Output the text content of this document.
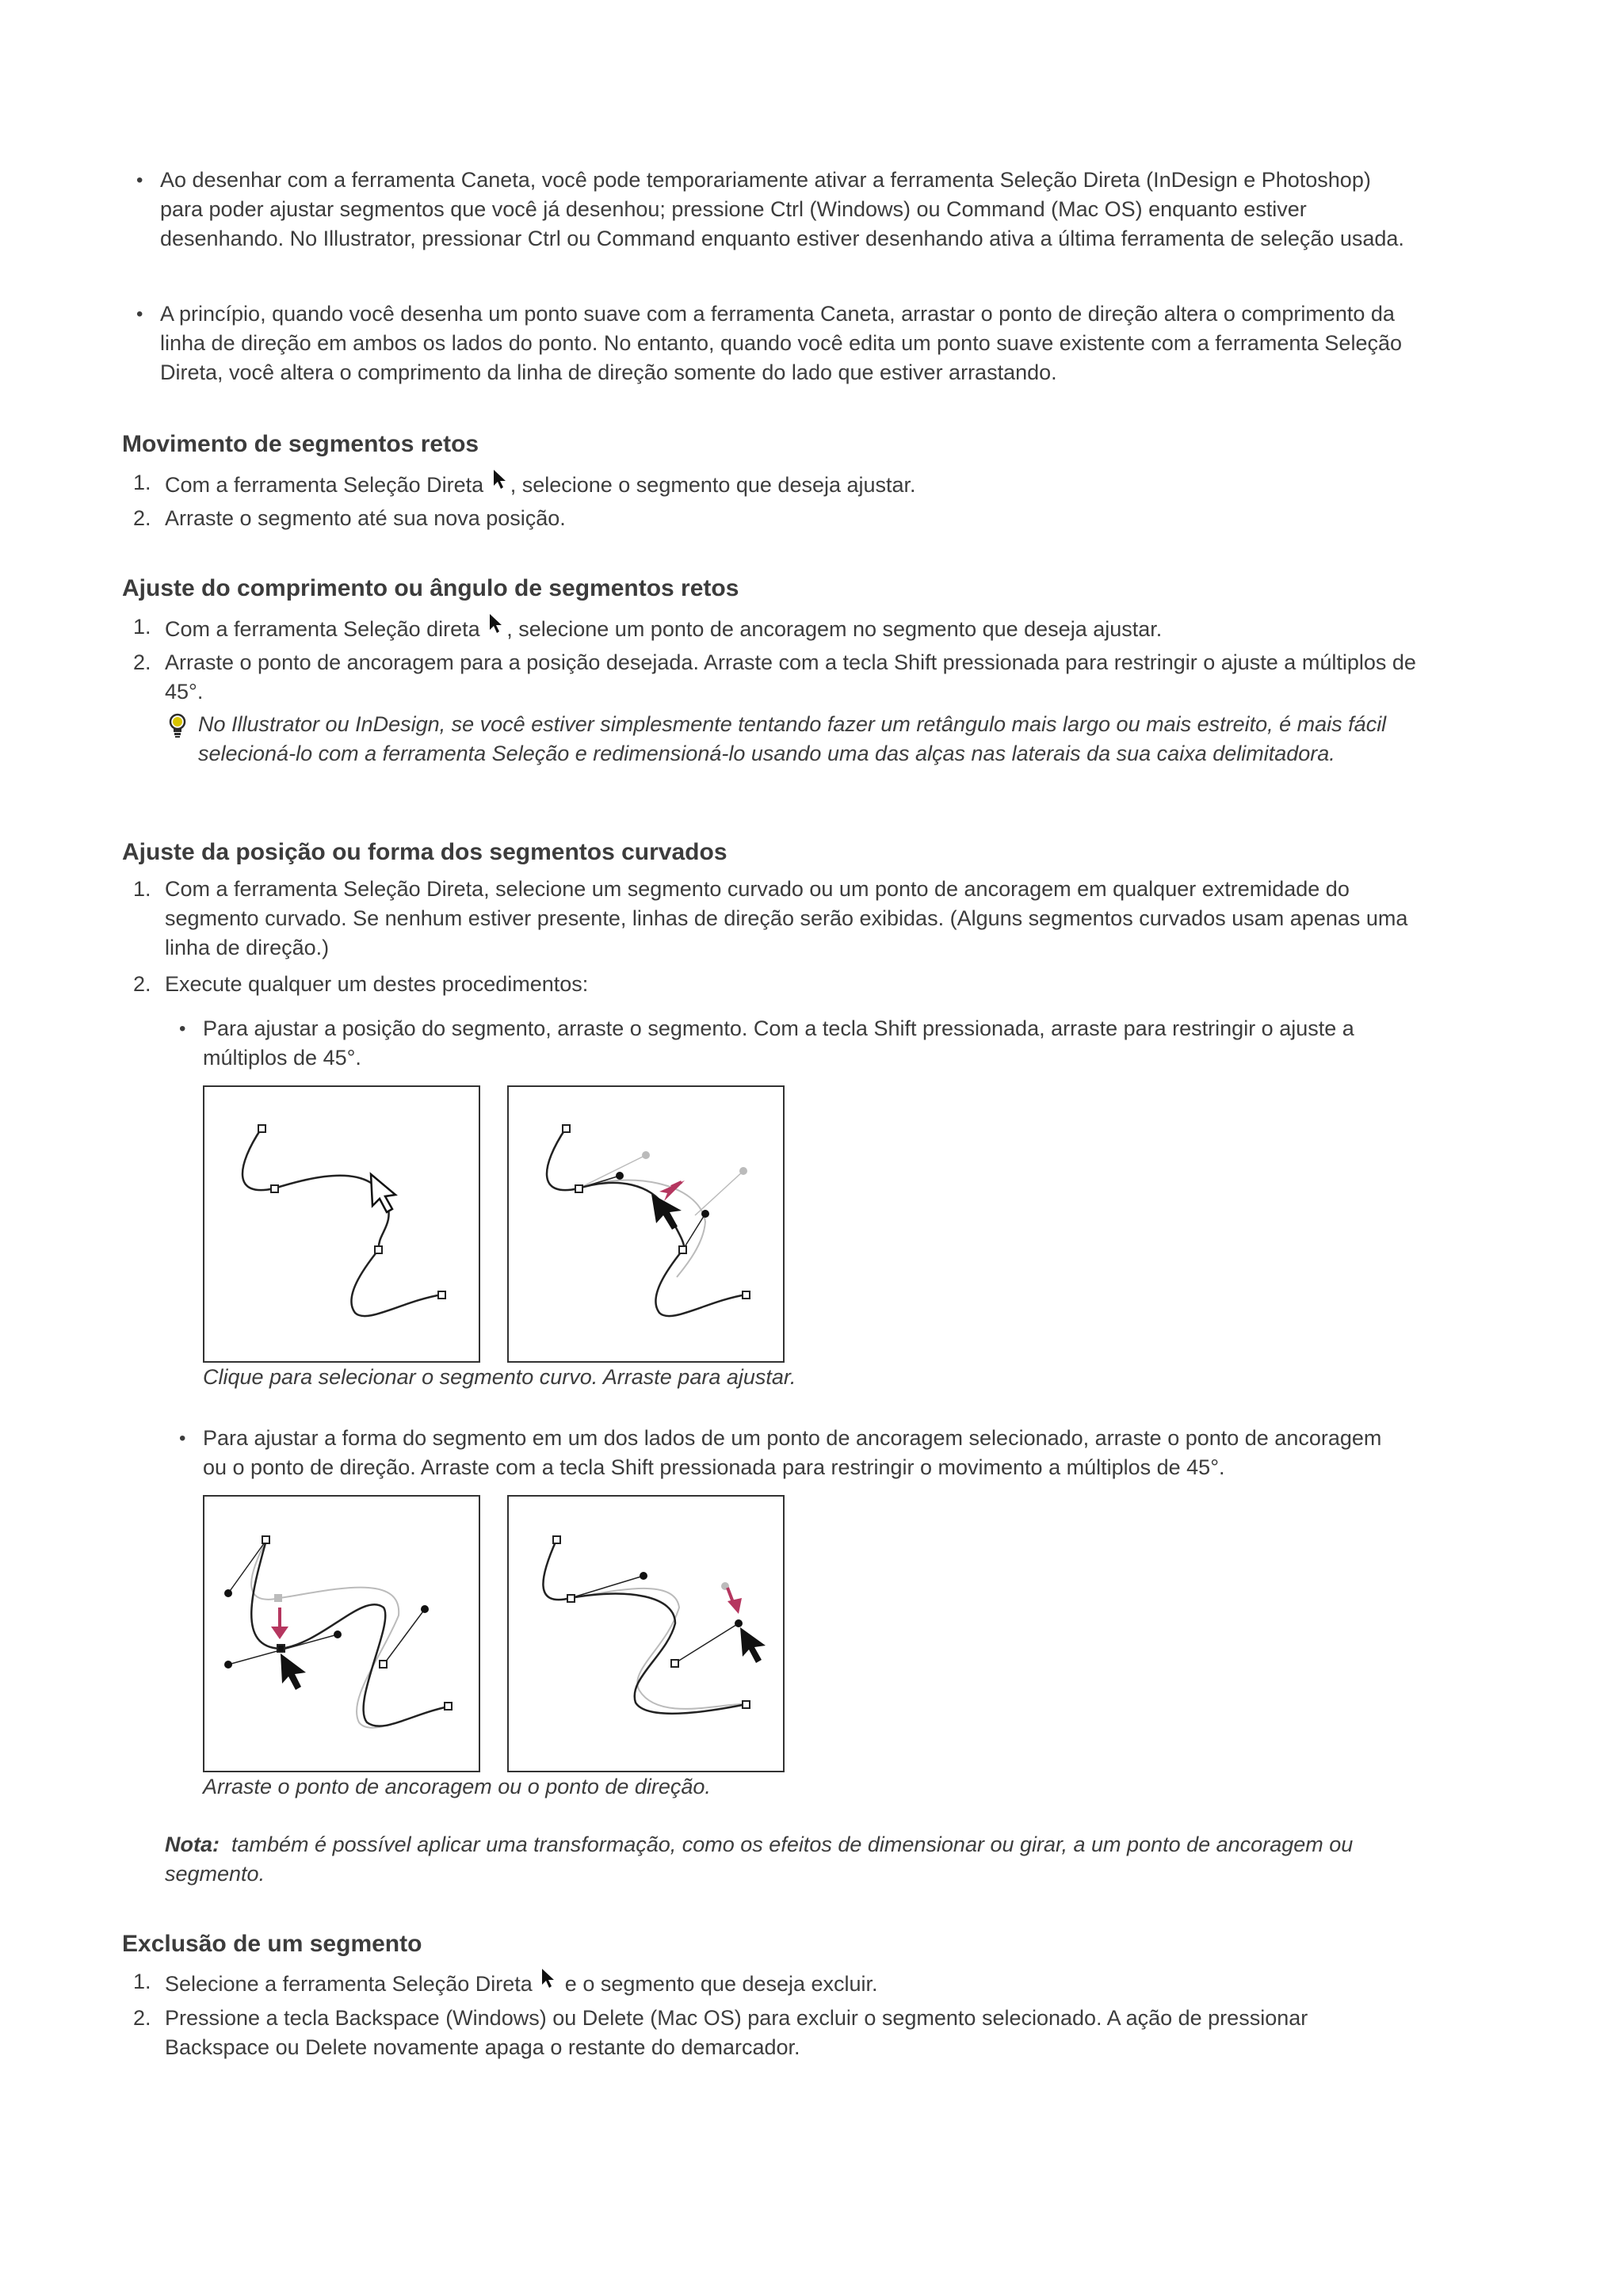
• Ao desenhar com a ferramenta Caneta, você pode temporariamente ativar a ferramenta Seleção Direta (InDesign e Photoshop) para poder ajustar segmentos que você já desenhou; pressione Ctrl (Windows) ou Command (Mac OS) enquanto estiver desenhando. No Illustrator, pressionar Ctrl ou Command enquanto estiver desenhando ativa a última ferramenta de seleção usada.
• A princípio, quando você desenha um ponto suave com a ferramenta Caneta, arrastar o ponto de direção altera o comprimento da linha de direção em ambos os lados do ponto. No entanto, quando você edita um ponto suave existente com a ferramenta Seleção Direta, você altera o comprimento da linha de direção somente do lado que estiver arrastando.
Movimento de segmentos retos
1. Com a ferramenta Seleção Direta , selecione o segmento que deseja ajustar.
2. Arraste o segmento até sua nova posição.
Ajuste do comprimento ou ângulo de segmentos retos
1. Com a ferramenta Seleção direta , selecione um ponto de ancoragem no segmento que deseja ajustar.
2. Arraste o ponto de ancoragem para a posição desejada. Arraste com a tecla Shift pressionada para restringir o ajuste a múltiplos de 45°.
No Illustrator ou InDesign, se você estiver simplesmente tentando fazer um retângulo mais largo ou mais estreito, é mais fácil selecioná-lo com a ferramenta Seleção e redimensioná-lo usando uma das alças nas laterais da sua caixa delimitadora.
Ajuste da posição ou forma dos segmentos curvados
1. Com a ferramenta Seleção Direta, selecione um segmento curvado ou um ponto de ancoragem em qualquer extremidade do segmento curvado. Se nenhum estiver presente, linhas de direção serão exibidas. (Alguns segmentos curvados usam apenas uma linha de direção.)
2. Execute qualquer um destes procedimentos:
• Para ajustar a posição do segmento, arraste o segmento. Com a tecla Shift pressionada, arraste para restringir o ajuste a múltiplos de 45°.
Clique para selecionar o segmento curvo. Arraste para ajustar.
• Para ajustar a forma do segmento em um dos lados de um ponto de ancoragem selecionado, arraste o ponto de ancoragem ou o ponto de direção. Arraste com a tecla Shift pressionada para restringir o movimento a múltiplos de 45°.
Arraste o ponto de ancoragem ou o ponto de direção.
Nota: também é possível aplicar uma transformação, como os efeitos de dimensionar ou girar, a um ponto de ancoragem ou segmento.
Exclusão de um segmento
1. Selecione a ferramenta Seleção Direta e o segmento que deseja excluir.
2. Pressione a tecla Backspace (Windows) ou Delete (Mac OS) para excluir o segmento selecionado. A ação de pressionar Backspace ou Delete novamente apaga o restante do demarcador.
